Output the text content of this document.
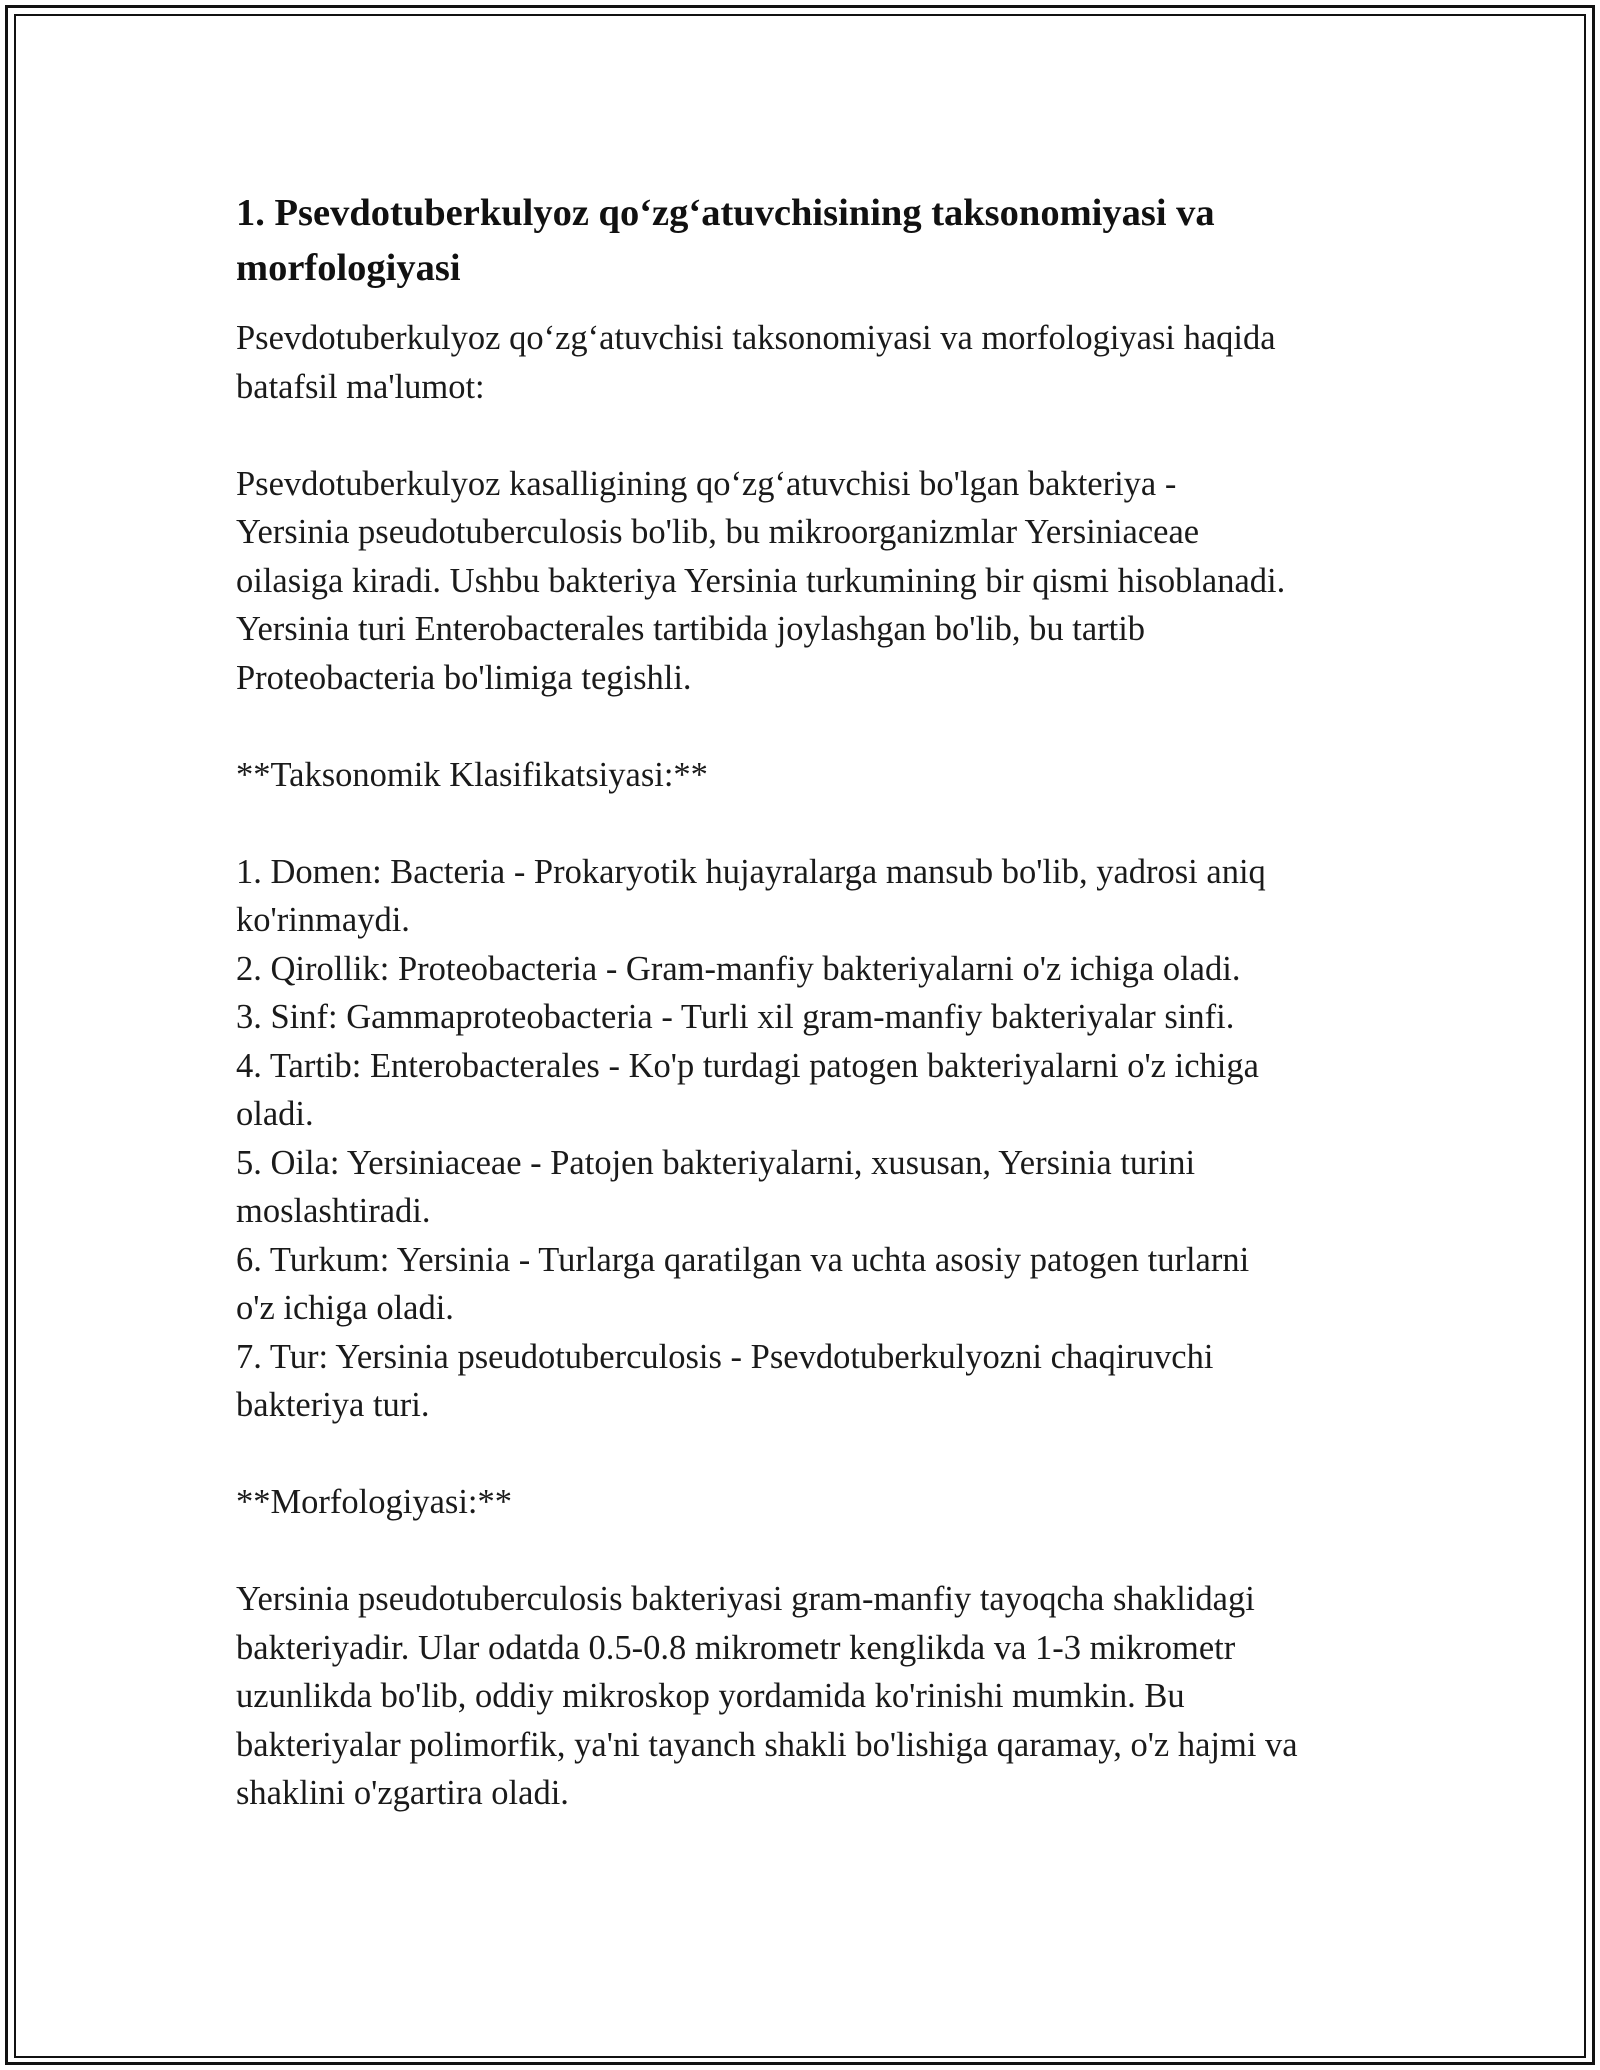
1. Psevdotuberkulyoz qo‘zg‘atuvchisining taksonomiyasi va morfologiyasi
Psevdotuberkulyoz qo‘zg‘atuvchisi taksonomiyasi va morfologiyasi haqida
batafsil ma'lumot:

Psevdotuberkulyoz kasalligining qo‘zg‘atuvchisi bo'lgan bakteriya -
Yersinia pseudotuberculosis bo'lib, bu mikroorganizmlar Yersiniaceae
oilasiga kiradi. Ushbu bakteriya Yersinia turkumining bir qismi hisoblanadi.
Yersinia turi Enterobacterales tartibida joylashgan bo'lib, bu tartib
Proteobacteria bo'limiga tegishli.

**Taksonomik Klasifikatsiyasi:**

1. Domen: Bacteria - Prokaryotik hujayralarga mansub bo'lib, yadrosi aniq
ko'rinmaydi.
2. Qirollik: Proteobacteria - Gram-manfiy bakteriyalarni o'z ichiga oladi.
3. Sinf: Gammaproteobacteria - Turli xil gram-manfiy bakteriyalar sinfi.
4. Tartib: Enterobacterales - Ko'p turdagi patogen bakteriyalarni o'z ichiga
oladi.
5. Oila: Yersiniaceae - Patojen bakteriyalarni, xususan, Yersinia turini
moslashtiradi.
6. Turkum: Yersinia - Turlarga qaratilgan va uchta asosiy patogen turlarni
o'z ichiga oladi.
7. Tur: Yersinia pseudotuberculosis - Psevdotuberkulyozni chaqiruvchi
bakteriya turi.

**Morfologiyasi:**

Yersinia pseudotuberculosis bakteriyasi gram-manfiy tayoqcha shaklidagi
bakteriyadir. Ular odatda 0.5-0.8 mikrometr kenglikda va 1-3 mikrometr
uzunlikda bo'lib, oddiy mikroskop yordamida ko'rinishi mumkin. Bu
bakteriyalar polimorfik, ya'ni tayanch shakli bo'lishiga qaramay, o'z hajmi va
shaklini o'zgartira oladi.
